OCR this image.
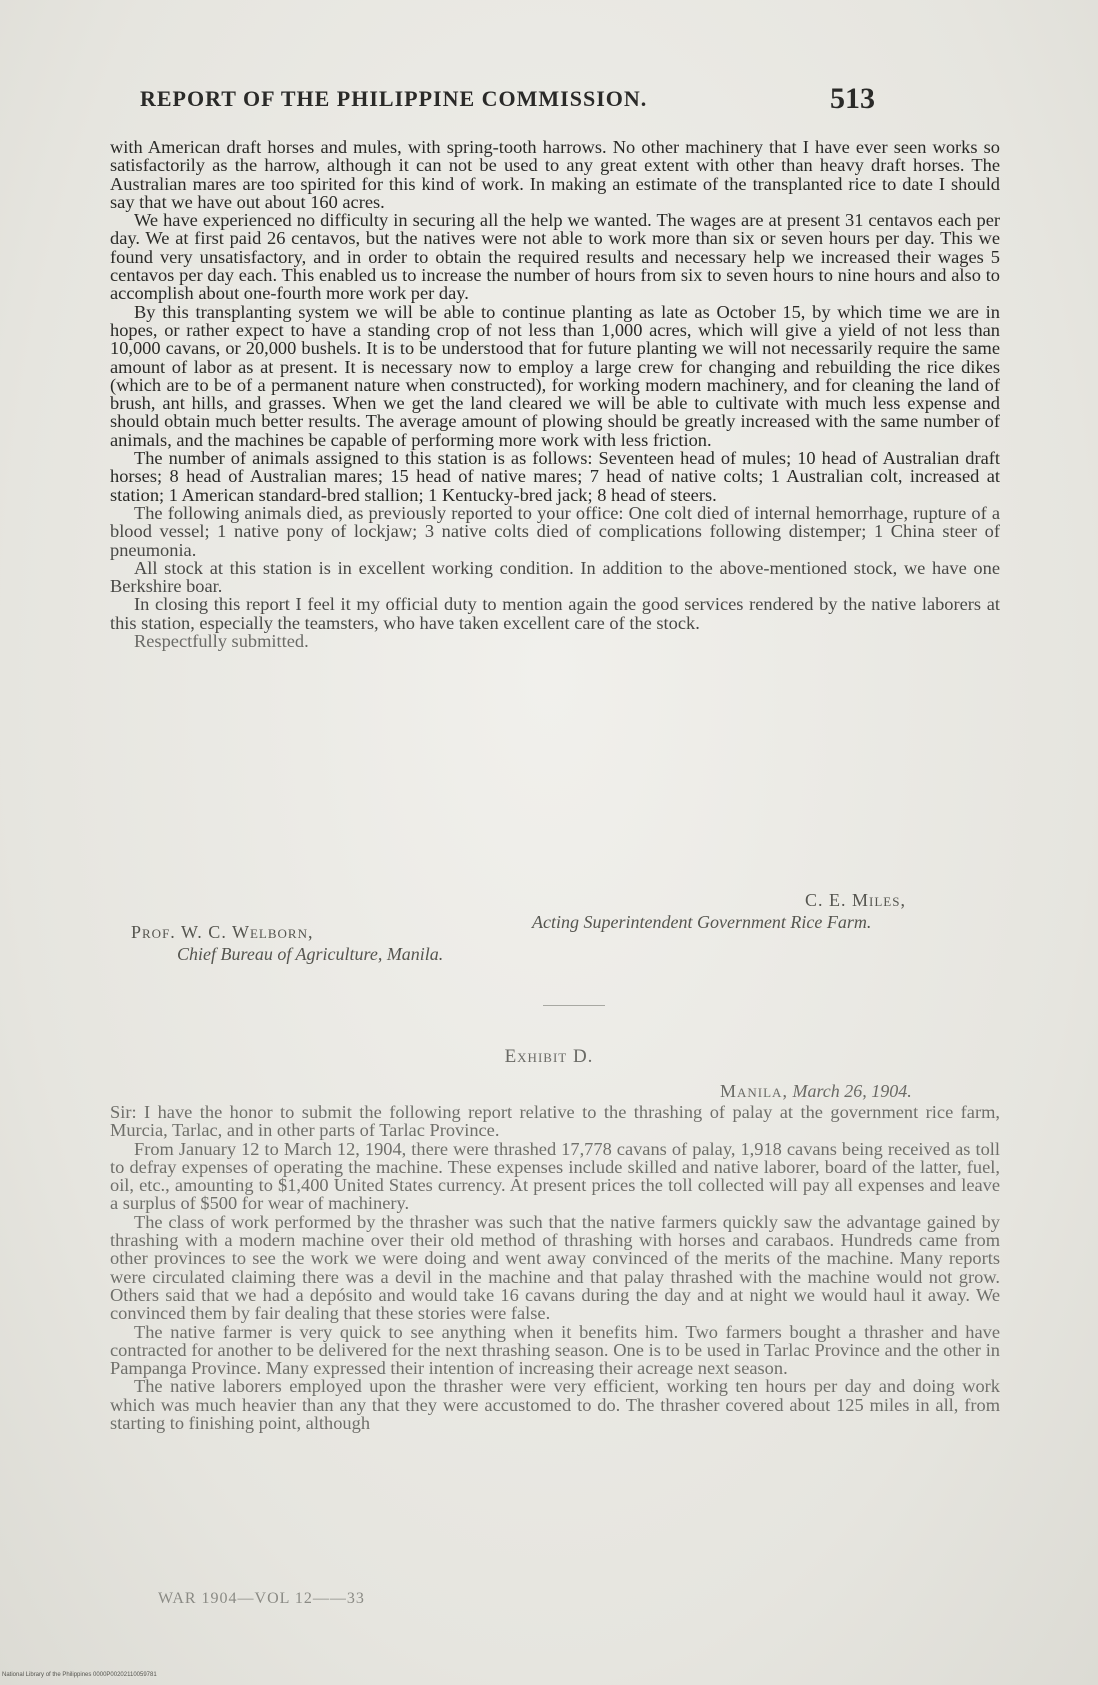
REPORT OF THE PHILIPPINE COMMISSION.	513

with American draft horses and mules, with spring-tooth harrows. No other machinery that I have ever seen works so satisfactorily as the harrow, although it can not be used to any great extent with other than heavy draft horses. The Australian mares are too spirited for this kind of work. In making an estimate of the transplanted rice to date I should say that we have out about 160 acres.

We have experienced no difficulty in securing all the help we wanted. The wages are at present 31 centavos each per day. We at first paid 26 centavos, but the natives were not able to work more than six or seven hours per day. This we found very unsatisfactory, and in order to obtain the required results and necessary help we increased their wages 5 centavos per day each. This enabled us to increase the number of hours from six to seven hours to nine hours and also to accomplish about one-fourth more work per day.

By this transplanting system we will be able to continue planting as late as October 15, by which time we are in hopes, or rather expect to have a standing crop of not less than 1,000 acres, which will give a yield of not less than 10,000 cavans, or 20,000 bushels. It is to be understood that for future planting we will not necessarily require the same amount of labor as at present. It is necessary now to employ a large crew for changing and rebuilding the rice dikes (which are to be of a permanent nature when constructed), for working modern machinery, and for cleaning the land of brush, ant hills, and grasses. When we get the land cleared we will be able to cultivate with much less expense and should obtain much better results. The average amount of plowing should be greatly increased with the same number of animals, and the machines be capable of performing more work with less friction.

The number of animals assigned to this station is as follows: Seventeen head of mules; 10 head of Australian draft horses; 8 head of Australian mares; 15 head of native mares; 7 head of native colts; 1 Australian colt, increased at station; 1 American standard-bred stallion; 1 Kentucky-bred jack; 8 head of steers.

The following animals died, as previously reported to your office: One colt died of internal hemorrhage, rupture of a blood vessel; 1 native pony of lockjaw; 3 native colts died of complications following distemper; 1 China steer of pneumonia.

All stock at this station is in excellent working condition. In addition to the above-mentioned stock, we have one Berkshire boar.

In closing this report I feel it my official duty to mention again the good services rendered by the native laborers at this station, especially the teamsters, who have taken excellent care of the stock.

Respectfully submitted.

C. E. Miles,
Acting Superintendent Government Rice Farm.
Prof. W. C. Welborn,
Chief Bureau of Agriculture, Manila.
Exhibit D.
Manila, March 26, 1904.

Sir: I have the honor to submit the following report relative to the thrashing of palay at the government rice farm, Murcia, Tarlac, and in other parts of Tarlac Province.

From January 12 to March 12, 1904, there were thrashed 17,778 cavans of palay, 1,918 cavans being received as toll to defray expenses of operating the machine. These expenses include skilled and native laborer, board of the latter, fuel, oil, etc., amounting to $1,400 United States currency. At present prices the toll collected will pay all expenses and leave a surplus of $500 for wear of machinery.

The class of work performed by the thrasher was such that the native farmers quickly saw the advantage gained by thrashing with a modern machine over their old method of thrashing with horses and carabaos. Hundreds came from other provinces to see the work we were doing and went away convinced of the merits of the machine. Many reports were circulated claiming there was a devil in the machine and that palay thrashed with the machine would not grow. Others said that we had a depósito and would take 16 cavans during the day and at night we would haul it away. We convinced them by fair dealing that these stories were false.

The native farmer is very quick to see anything when it benefits him. Two farmers bought a thrasher and have contracted for another to be delivered for the next thrashing season. One is to be used in Tarlac Province and the other in Pampanga Province. Many expressed their intention of increasing their acreage next season.

The native laborers employed upon the thrasher were very efficient, working ten hours per day and doing work which was much heavier than any that they were accustomed to do. The thrasher covered about 125 miles in all, from starting to finishing point, although

WAR 1904—VOL 12——33
National Library of the Philippines 0000P00202110059781
